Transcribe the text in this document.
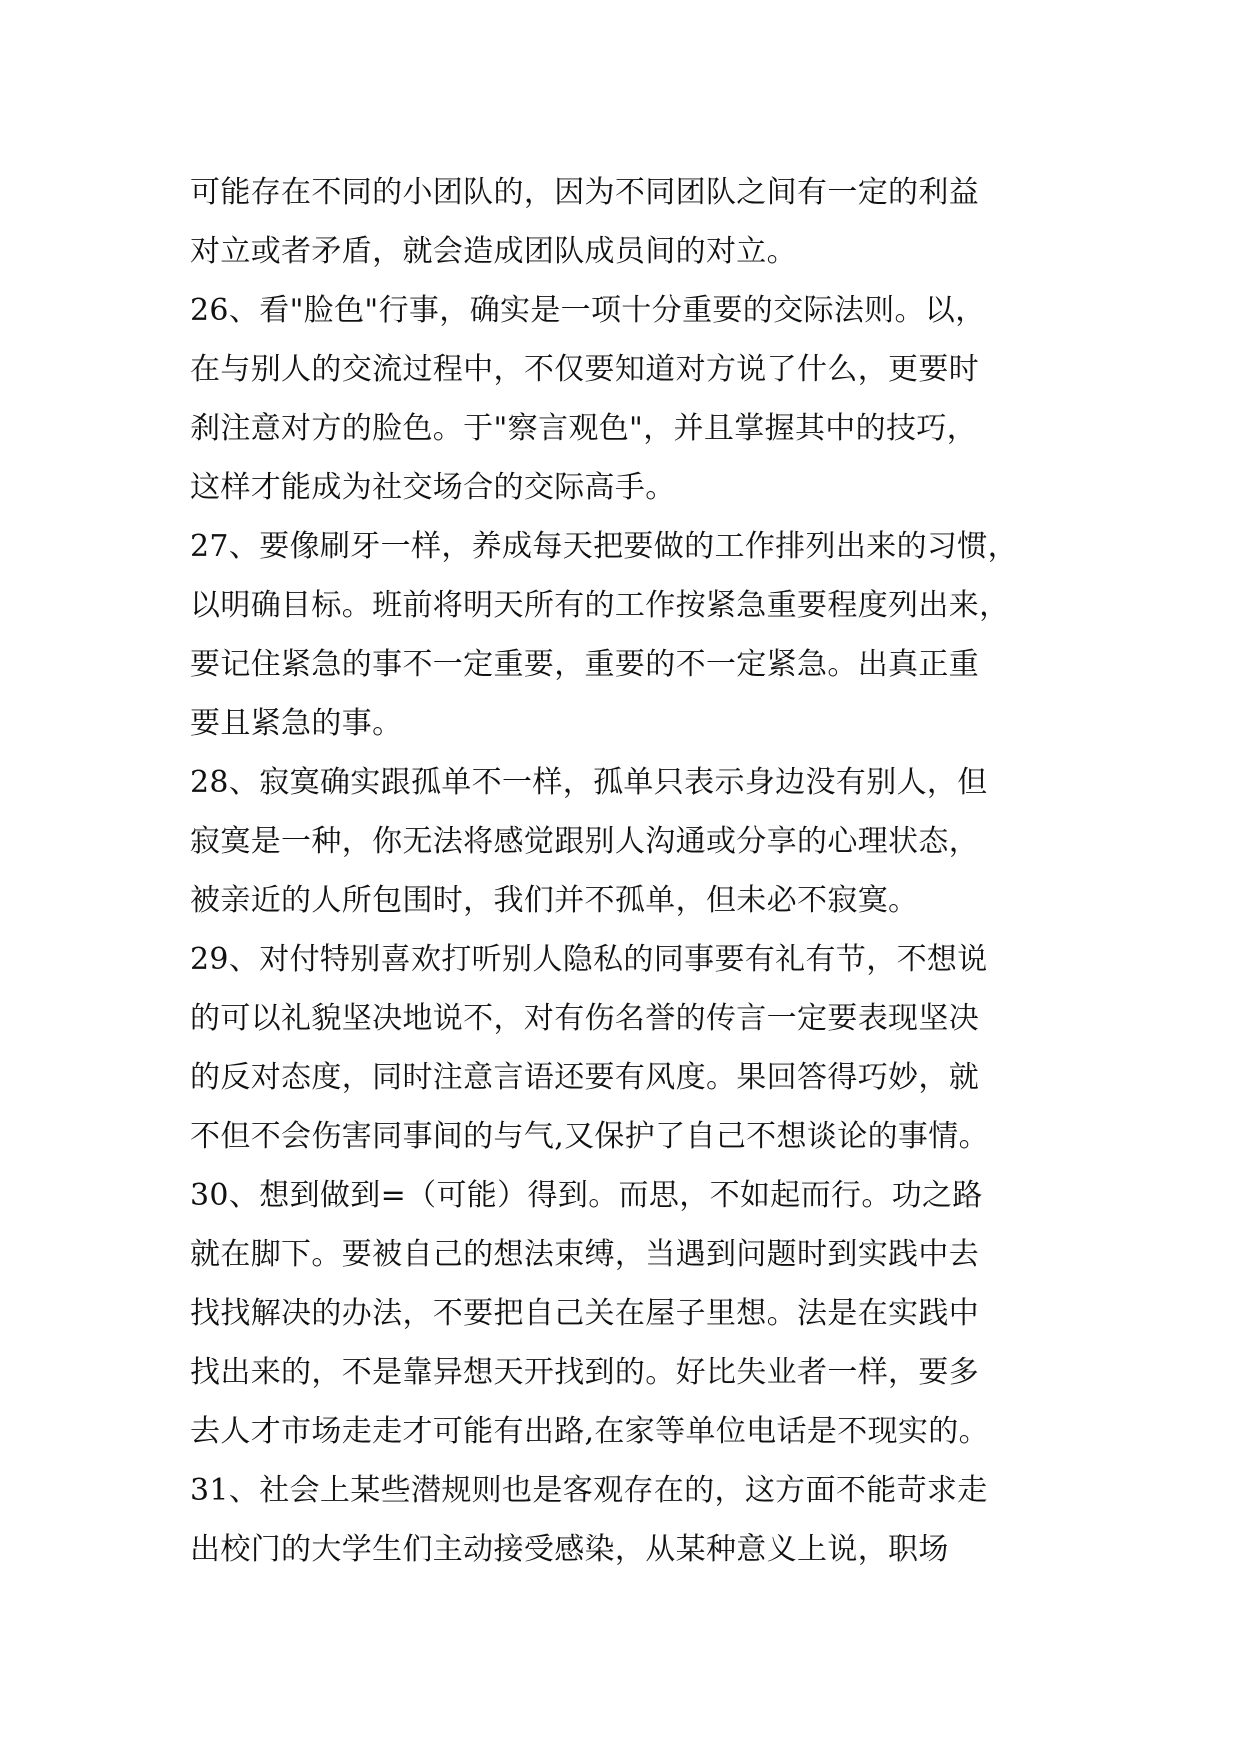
可能存在不同的小团队的，因为不同团队之间有一定的利益
对立或者矛盾，就会造成团队成员间的对立。
26、看"脸色"行事，确实是一项十分重要的交际法则。以，
在与别人的交流过程中，不仅要知道对方说了什么，更要时
刹注意对方的脸色。于"察言观色"，并且掌握其中的技巧，
这样才能成为社交场合的交际高手。
27、要像刷牙一样，养成每天把要做的工作排列出来的习惯，
以明确目标。班前将明天所有的工作按紧急重要程度列出来，
要记住紧急的事不一定重要，重要的不一定紧急。出真正重
要且紧急的事。
28、寂寞确实跟孤单不一样，孤单只表示身边没有别人，但
寂寞是一种，你无法将感觉跟别人沟通或分享的心理状态，
被亲近的人所包围时，我们并不孤单，但未必不寂寞。
29、对付特别喜欢打听别人隐私的同事要有礼有节，不想说
的可以礼貌坚决地说不，对有伤名誉的传言一定要表现坚决
的反对态度，同时注意言语还要有风度。果回答得巧妙，就
不但不会伤害同事间的与气,又保护了自己不想谈论的事情。
30、想到做到=（可能）得到。而思，不如起而行。功之路
就在脚下。要被自己的想法束缚，当遇到问题时到实践中去
找找解决的办法，不要把自己关在屋子里想。法是在实践中
找出来的，不是靠异想天开找到的。好比失业者一样，要多
去人才市场走走才可能有出路,在家等单位电话是不现实的。
31、社会上某些潜规则也是客观存在的，这方面不能苛求走
出校门的大学生们主动接受感染，从某种意义上说，职场
